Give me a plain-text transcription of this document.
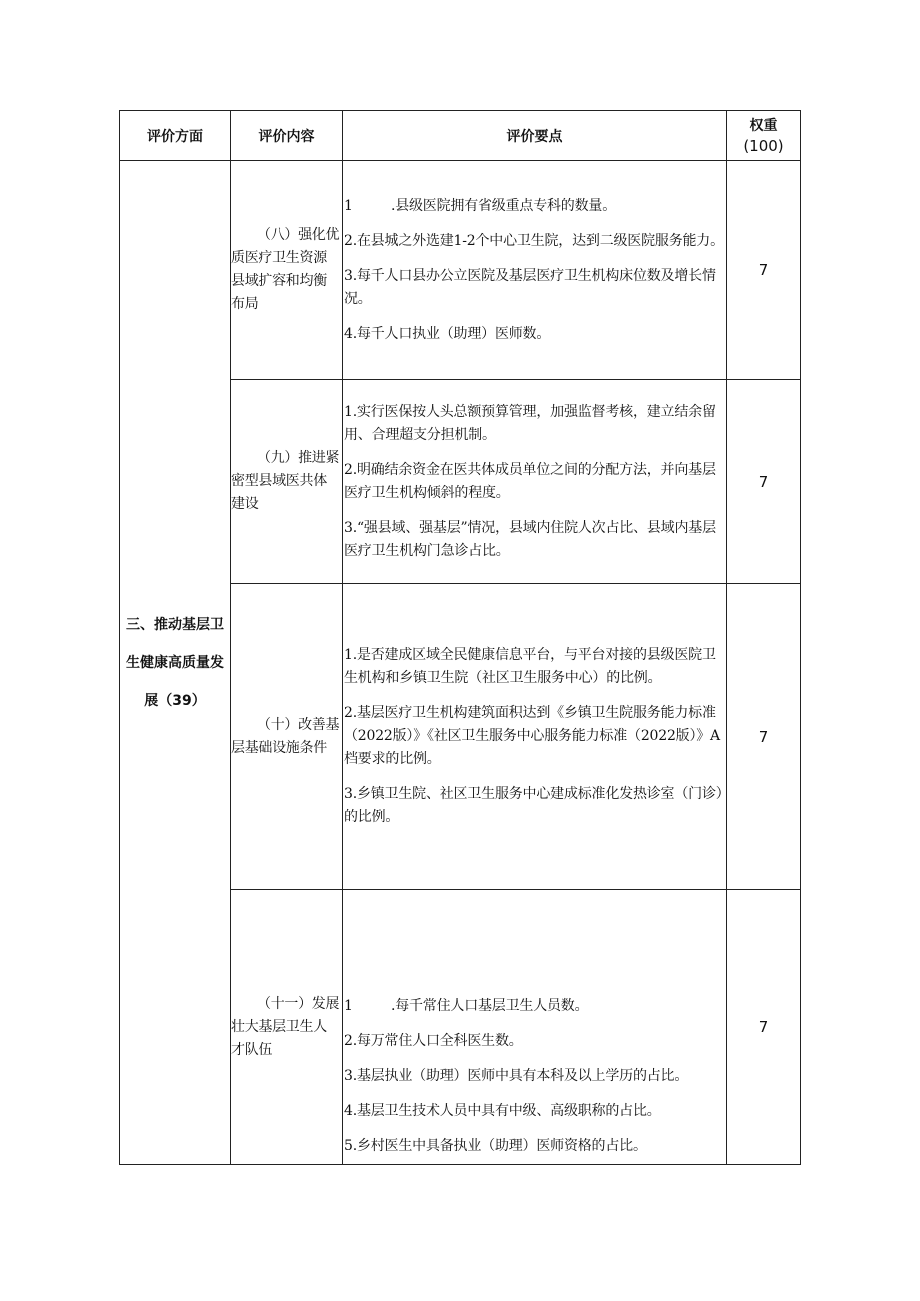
评价方面	评价内容	评价要点	权重
(100)

三、推动基层卫
生健康高质量发
展（39）	（八）强化优
质医疗卫生资源
县域扩容和均衡
布局	1         .县级医院拥有省级重点专科的数量。
2.在县城之外选建1-2个中心卫生院，达到二级医院服务能力。
3.每千人口县办公立医院及基层医疗卫生机构床位数及增长情况。
4.每千人口执业（助理）医师数。	7

	（九）推进紧
密型县域医共体
建设	1.实行医保按人头总额预算管理，加强监督考核，建立结余留用、合理超支分担机制。
2.明确结余资金在医共体成员单位之间的分配方法，并向基层医疗卫生机构倾斜的程度。
3.“强县域、强基层”情况，县域内住院人次占比、县域内基层医疗卫生机构门急诊占比。	7

	（十）改善基
层基础设施条件	1.是否建成区域全民健康信息平台，与平台对接的县级医院卫生机构和乡镇卫生院（社区卫生服务中心）的比例。
2.基层医疗卫生机构建筑面积达到《乡镇卫生院服务能力标准（2022版）》《社区卫生服务中心服务能力标准（2022版）》A档要求的比例。
3.乡镇卫生院、社区卫生服务中心建成标准化发热诊室（门诊）的比例。	7

	（十一）发展
壮大基层卫生人
才队伍	1         .每千常住人口基层卫生人员数。
2.每万常住人口全科医生数。
3.基层执业（助理）医师中具有本科及以上学历的占比。
4.基层卫生技术人员中具有中级、高级职称的占比。
5.乡村医生中具备执业（助理）医师资格的占比。	7
